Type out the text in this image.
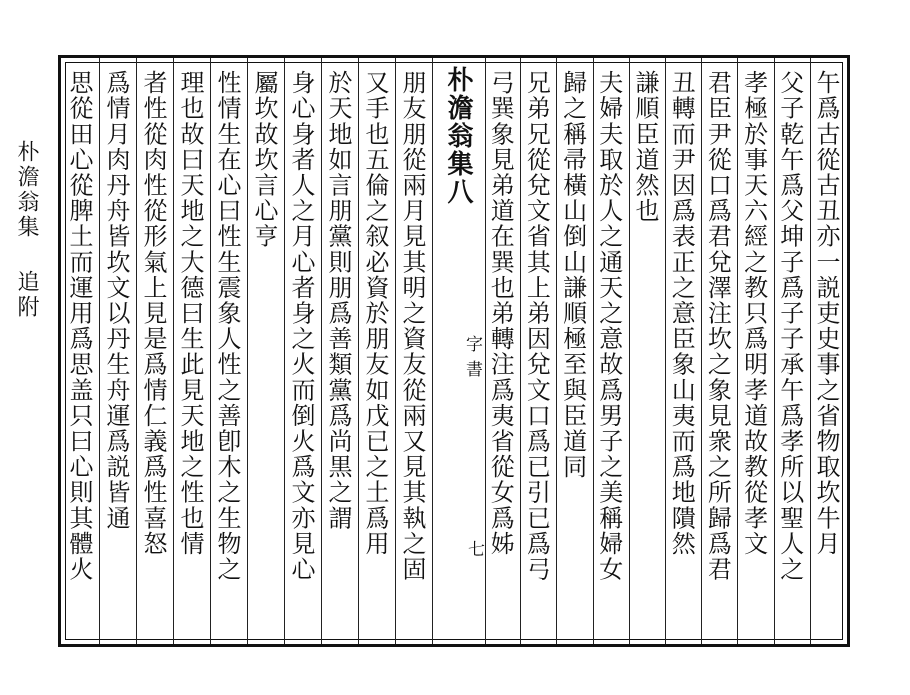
朴澹翁集追附
朴澹翁集八
字書
七	午爲古從古丑亦一説吏史事之省物取坎牛月
父子乾午爲父坤子爲子子承午爲孝所以聖人之
孝極於事天六經之教只爲明孝道故教從孝文
君臣尹從口爲君兌澤注坎之象見衆之所歸爲君
丑轉而尹因爲表正之意臣象山夷而爲地隤然
謙順臣道然也
夫婦夫取於人之通天之意故爲男子之美稱婦女
歸之稱帚橫山倒山謙順極至與臣道同
兄弟兄從兌文省其上弟因兌文口爲已引已爲弓
弓巽象見弟道在巽也弟轉注爲夷省從女爲姊
朋友朋從兩月見其明之資友從兩又見其執之固
又手也五倫之叙必資於朋友如戊已之土爲用
於天地如言朋黨則朋爲善類黨爲尚黒之謂
身心身者人之月心者身之火而倒火爲文亦見心
屬坎故坎言心亨
性情生在心曰性生震象人性之善卽木之生物之
理也故曰天地之大德曰生此見天地之性也情
者性從肉性從形氣上見是爲情仁義爲性喜怒
爲情月肉丹舟皆坎文以丹生舟運爲説皆通
思從田心從脾土而運用爲思盖只曰心則其體火
